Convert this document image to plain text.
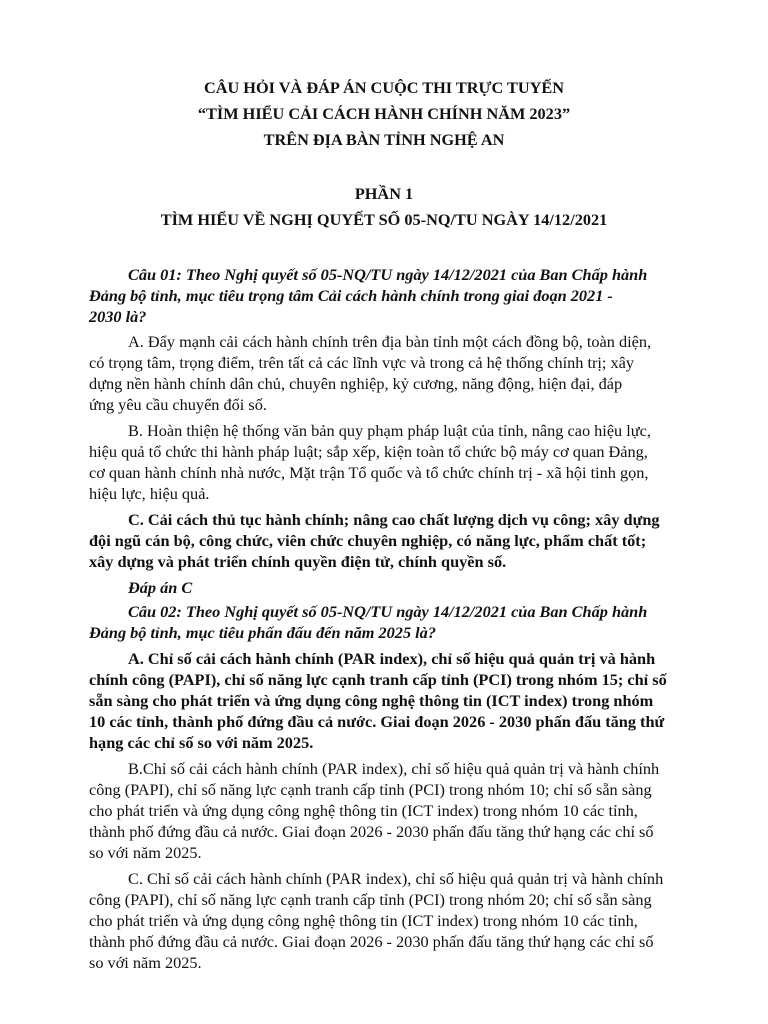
CÂU HỎI VÀ ĐÁP ÁN CUỘC THI TRỰC TUYẾN
“TÌM HIỂU CẢI CÁCH HÀNH CHÍNH NĂM 2023”
TRÊN ĐỊA BÀN TỈNH NGHỆ AN
PHẦN 1
TÌM HIỂU VỀ NGHỊ QUYẾT SỐ 05-NQ/TU NGÀY 14/12/2021
Câu 01: Theo Nghị quyết số 05-NQ/TU ngày 14/12/2021 của Ban Chấp hành
Đảng bộ tỉnh, mục tiêu trọng tâm Cải cách hành chính trong giai đoạn 2021 -
2030 là?
A. Đẩy mạnh cải cách hành chính trên địa bàn tỉnh một cách đồng bộ, toàn diện,
có trọng tâm, trọng điểm, trên tất cả các lĩnh vực và trong cả hệ thống chính trị; xây
dựng nền hành chính dân chủ, chuyên nghiệp, kỷ cương, năng động, hiện đại, đáp
ứng yêu cầu chuyển đổi số.
B. Hoàn thiện hệ thống văn bản quy phạm pháp luật của tỉnh, nâng cao hiệu lực,
hiệu quả tổ chức thi hành pháp luật; sắp xếp, kiện toàn tổ chức bộ máy cơ quan Đảng,
cơ quan hành chính nhà nước, Mặt trận Tổ quốc và tổ chức chính trị - xã hội tinh gọn,
hiệu lực, hiệu quả.
C. Cải cách thủ tục hành chính; nâng cao chất lượng dịch vụ công; xây dựng
đội ngũ cán bộ, công chức, viên chức chuyên nghiệp, có năng lực, phẩm chất tốt;
xây dựng và phát triển chính quyền điện tử, chính quyền số.
Đáp án C
Câu 02: Theo Nghị quyết số 05-NQ/TU ngày 14/12/2021 của Ban Chấp hành
Đảng bộ tỉnh, mục tiêu phấn đấu đến năm 2025 là?
A. Chỉ số cải cách hành chính (PAR index), chỉ số hiệu quả quản trị và hành
chính công (PAPI), chỉ số năng lực cạnh tranh cấp tỉnh (PCI) trong nhóm 15; chỉ số
sẵn sàng cho phát triển và ứng dụng công nghệ thông tin (ICT index) trong nhóm
10 các tỉnh, thành phố đứng đầu cả nước. Giai đoạn 2026 - 2030 phấn đấu tăng thứ
hạng các chỉ số so với năm 2025.
B.Chỉ số cải cách hành chính (PAR index), chỉ số hiệu quả quản trị và hành chính
công (PAPI), chỉ số năng lực cạnh tranh cấp tỉnh (PCI) trong nhóm 10; chỉ số sẵn sàng
cho phát triển và ứng dụng công nghệ thông tin (ICT index) trong nhóm 10 các tỉnh,
thành phố đứng đầu cả nước. Giai đoạn 2026 - 2030 phấn đấu tăng thứ hạng các chỉ số
so với năm 2025.
C. Chỉ số cải cách hành chính (PAR index), chỉ số hiệu quả quản trị và hành chính
công (PAPI), chỉ số năng lực cạnh tranh cấp tỉnh (PCI) trong nhóm 20; chỉ số sẵn sàng
cho phát triển và ứng dụng công nghệ thông tin (ICT index) trong nhóm 10 các tỉnh,
thành phố đứng đầu cả nước. Giai đoạn 2026 - 2030 phấn đấu tăng thứ hạng các chỉ số
so với năm 2025.
